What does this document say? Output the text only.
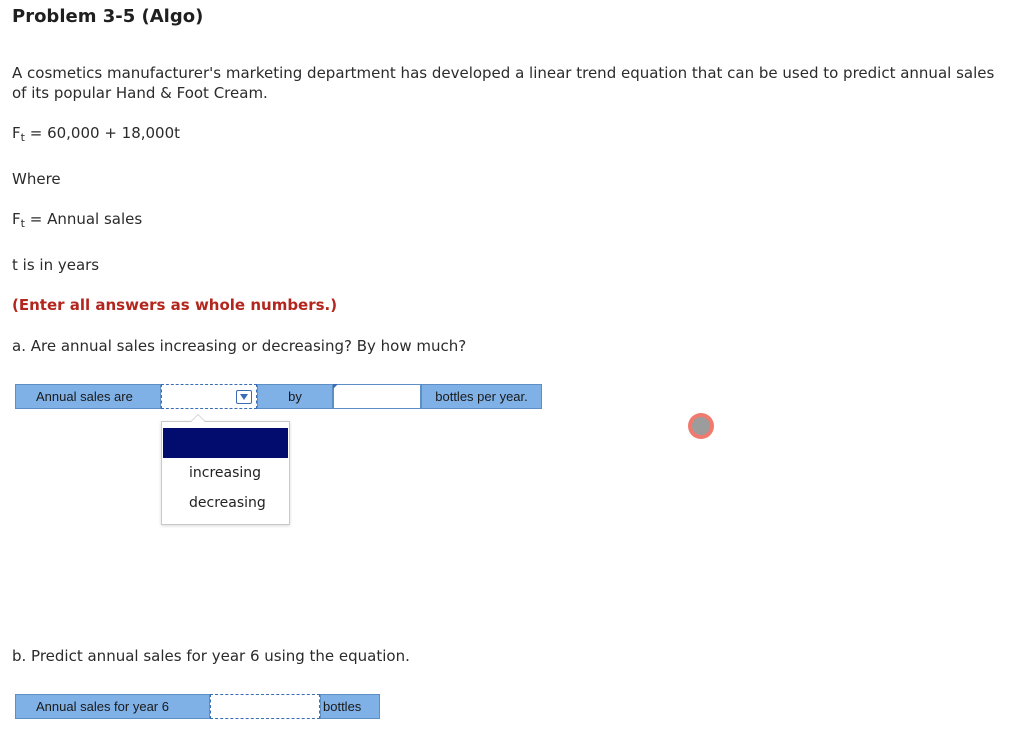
Problem 3-5 (Algo)
A cosmetics manufacturer's marketing department has developed a linear trend equation that can be used to predict annual sales of its popular Hand & Foot Cream.
$F_t = 60,000 + 18,000t$
Where
$F_t$ = Annual sales
t is in years
(Enter all answers as whole numbers.)
a. Are annual sales increasing or decreasing? By how much?
Annual sales are	by	bottles per year.
increasing
decreasing
b. Predict annual sales for year 6 using the equation.
Annual sales for year 6	bottles
